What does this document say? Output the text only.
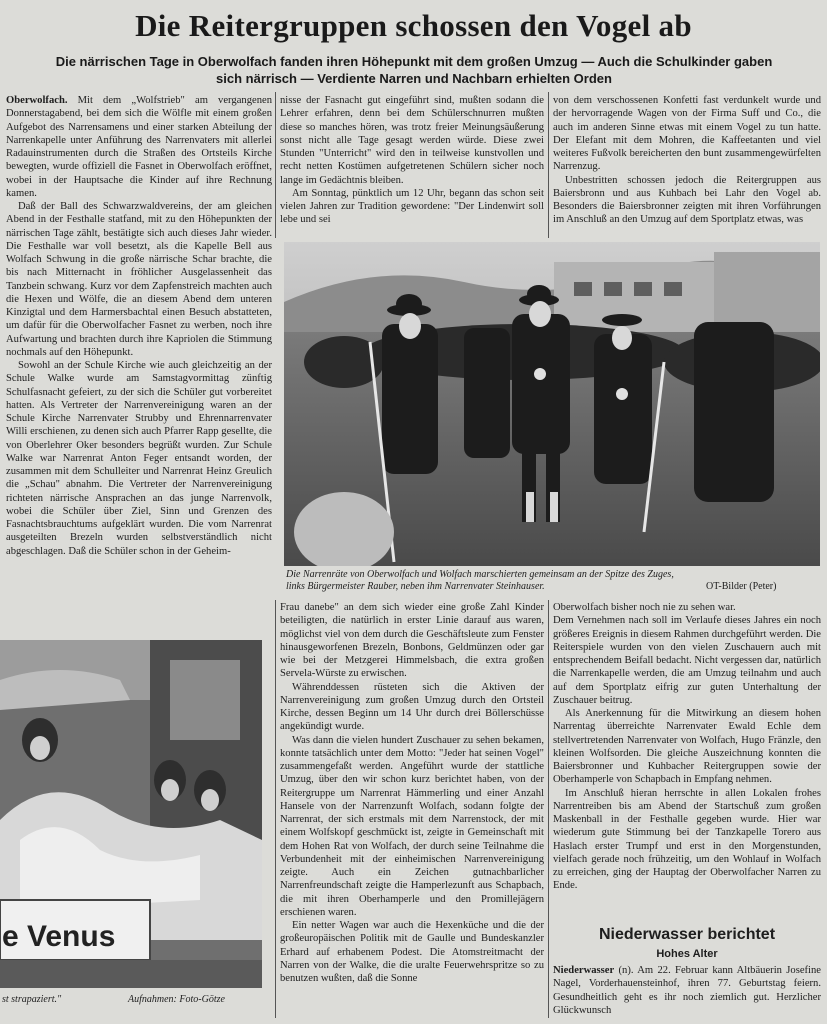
Die Reitergruppen schossen den Vogel ab
Die närrischen Tage in Oberwolfach fanden ihren Höhepunkt mit dem großen Umzug — Auch die Schulkinder gaben
sich närrisch — Verdiente Narren und Nachbarn erhielten Orden

Oberwolfach. Mit dem „Wolfstrieb" am vergangenen Donnerstagabend, bei dem sich die Wölfle mit einem großen Aufgebot des Narrensamens und einer starken Abteilung der Narrenkapelle unter Anführung des Narrenvaters mit allerlei Radauinstrumenten durch die Straßen des Ortsteils Kirche bewegten, wurde offiziell die Fasnet in Oberwolfach eröffnet, wobei in der Hauptsache die Kinder auf ihre Rechnung kamen.

Daß der Ball des Schwarzwaldvereins, der am gleichen Abend in der Festhalle statfand, mit zu den Höhepunkten der närrischen Tage zählt, bestätigte sich auch dieses Jahr wieder. Die Festhalle war voll besetzt, als die Kapelle Bell aus Wolfach Schwung in die große närrische Schar brachte, die bis nach Mitternacht in fröhlicher Ausgelassenheit das Tanzbein schwang. Kurz vor dem Zapfenstreich machten auch die Hexen und Wölfe, die an diesem Abend dem unteren Kinzigtal und dem Harmersbachtal einen Besuch abstatteten, um dafür für die Oberwolfacher Fasnet zu werben, noch ihre Aufwartung und brachten durch ihre Kapriolen die Stimmung nochmals auf den Höhepunkt.

Sowohl an der Schule Kirche wie auch gleichzeitig an der Schule Walke wurde am Samstagvormittag zünftig Schulfasnacht gefeiert, zu der sich die Schüler gut vorbereitet hatten. Als Vertreter der Narrenvereinigung waren an der Schule Kirche Narrenvater Strubby und Ehrennarrenvater Willi erschienen, zu denen sich auch Pfarrer Rapp gesellte, die von Oberlehrer Oker besonders begrüßt wurden. Zur Schule Walke war Narrenrat Anton Feger entsandt worden, der zusammen mit dem Schulleiter und Narrenrat Heinz Greulich die „Schau" abnahm. Die Vertreter der Narrenvereinigung richteten närrische Ansprachen an das junge Narrenvolk, wobei die Schüler über Ziel, Sinn und Grenzen des Fasnachtsbrauchtums aufgeklärt wurden. Die vom Narrenrat ausgeteilten Brezeln wurden selbstverständlich nicht abgeschlagen. Daß die Schüler schon in der Geheim-

nisse der Fasnacht gut eingeführt sind, mußten sodann die Lehrer erfahren, denn bei dem Schülerschnurren mußten diese so manches hören, was trotz freier Meinungsäußerung sonst nicht alle Tage gesagt werden würde. Diese zwei Stunden "Unterricht" wird den in teilweise kunstvollen und recht netten Kostümen aufgetretenen Schülern sicher noch lange im Gedächtnis bleiben.

Am Sonntag, pünktlich um 12 Uhr, begann das schon seit vielen Jahren zur Tradition gewordene: "Der Lindenwirt soll lebe und sei

von dem verschossenen Konfetti fast verdunkelt wurde und der hervorragende Wagen von der Firma Suff und Co., die auch im anderen Sinne etwas mit einem Vogel zu tun hatte. Der Elefant mit dem Mohren, die Kaffeetanten und viel weiteres Fußvolk bereicherten den bunt zusammengewürfelten Narrenzug.

Unbestritten schossen jedoch die Reitergruppen aus Baiersbronn und aus Kuhbach bei Lahr den Vogel ab. Besonders die Baiersbronner zeigten mit ihren Vorführungen im Anschluß an den Umzug auf dem Sportplatz etwas, was

Die Narrenräte von Oberwolfach und Wolfach marschierten gemeinsam an der Spitze des Zuges,
links Bürgermeister Rauber, neben ihm Narrenvater Steinhauser.	OT-Bilder (Peter)
e Venus
st strapaziert."	Aufnahmen: Foto-Götze

Frau danebe" an dem sich wieder eine große Zahl Kinder beteiligten, die natürlich in erster Linie darauf aus waren, möglichst viel von dem durch die Geschäftsleute zum Fenster hinausgeworfenen Brezeln, Bonbons, Geldmünzen oder gar wie bei der Metzgerei Himmelsbach, die extra großen Servela-Würste zu erwischen.

Währenddessen rüsteten sich die Aktiven der Narrenvereinigung zum großen Umzug durch den Ortsteil Kirche, dessen Beginn um 14 Uhr durch drei Böllerschüsse angekündigt wurde.

Was dann die vielen hundert Zuschauer zu sehen bekamen, konnte tatsächlich unter dem Motto: "Jeder hat seinen Vogel" zusammengefaßt werden. Angeführt wurde der stattliche Umzug, über den wir schon kurz berichtet haben, von der Reitergruppe um Narrenrat Hämmerling und einer Anzahl Hansele von der Narrenzunft Wolfach, sodann folgte der Narrenrat, der sich erstmals mit dem Narrenstock, der mit einem Wolfskopf geschmückt ist, zeigte in Gemeinschaft mit dem Hohen Rat von Wolfach, der durch seine Teilnahme die Verbundenheit mit der einheimischen Narrenvereinigung zeigte. Auch ein Zeichen gutnachbarlicher Narrenfreundschaft zeigte die Hamperlezunft aus Schapbach, die mit ihren Oberhamperle und den Promillejägern erschienen waren.

Ein netter Wagen war auch die Hexenküche und die der großeuropäischen Politik mit de Gaulle und Bundeskanzler Erhard auf erhabenem Podest. Die Atomstreitmacht der Narren von der Walke, die die uralte Feuerwehrspritze so zu benutzen wußten, daß die Sonne

Oberwolfach bisher noch nie zu sehen war.

Dem Vernehmen nach soll im Verlaufe dieses Jahres ein noch größeres Ereignis in diesem Rahmen durchgeführt werden. Die Reiterspiele wurden von den vielen Zuschauern auch mit entsprechendem Beifall bedacht. Nicht vergessen dar, natürlich die Narrenkapelle werden, die am Umzug teilnahm und auch auf dem Sportplatz eifrig zur guten Unterhaltung der Zuschauer beitrug.

Als Anerkennung für die Mitwirkung an diesem hohen Narrentag überreichte Narrenvater Ewald Echle dem stellvertretenden Narrenvater von Wolfach, Hugo Fränzle, den kleinen Wolfsorden. Die gleiche Auszeichnung konnten die Baiersbronner und Kuhbacher Reitergruppen sowie der Oberhamperle von Schapbach in Empfang nehmen.

Im Anschluß hieran herrschte in allen Lokalen frohes Narrentreiben bis am Abend der Startschuß zum großen Maskenball in der Festhalle gegeben wurde. Hier war wiederum gute Stimmung bei der Tanzkapelle Torero aus Haslach erster Trumpf und erst in den Morgenstunden, vielfach gerade noch frühzeitig, um den Wohlauf in Wolfach zu erreichen, ging der Hauptag der Oberwolfacher Narren zu Ende.

Niederwasser berichtet
Hohes Alter

Niederwasser (n). Am 22. Februar kann Altbäuerin Josefine Nagel, Vorderhauensteinhof, ihren 77. Geburtstag feiern. Gesundheitlich geht es ihr noch ziemlich gut. Herzlicher Glückwunsch
